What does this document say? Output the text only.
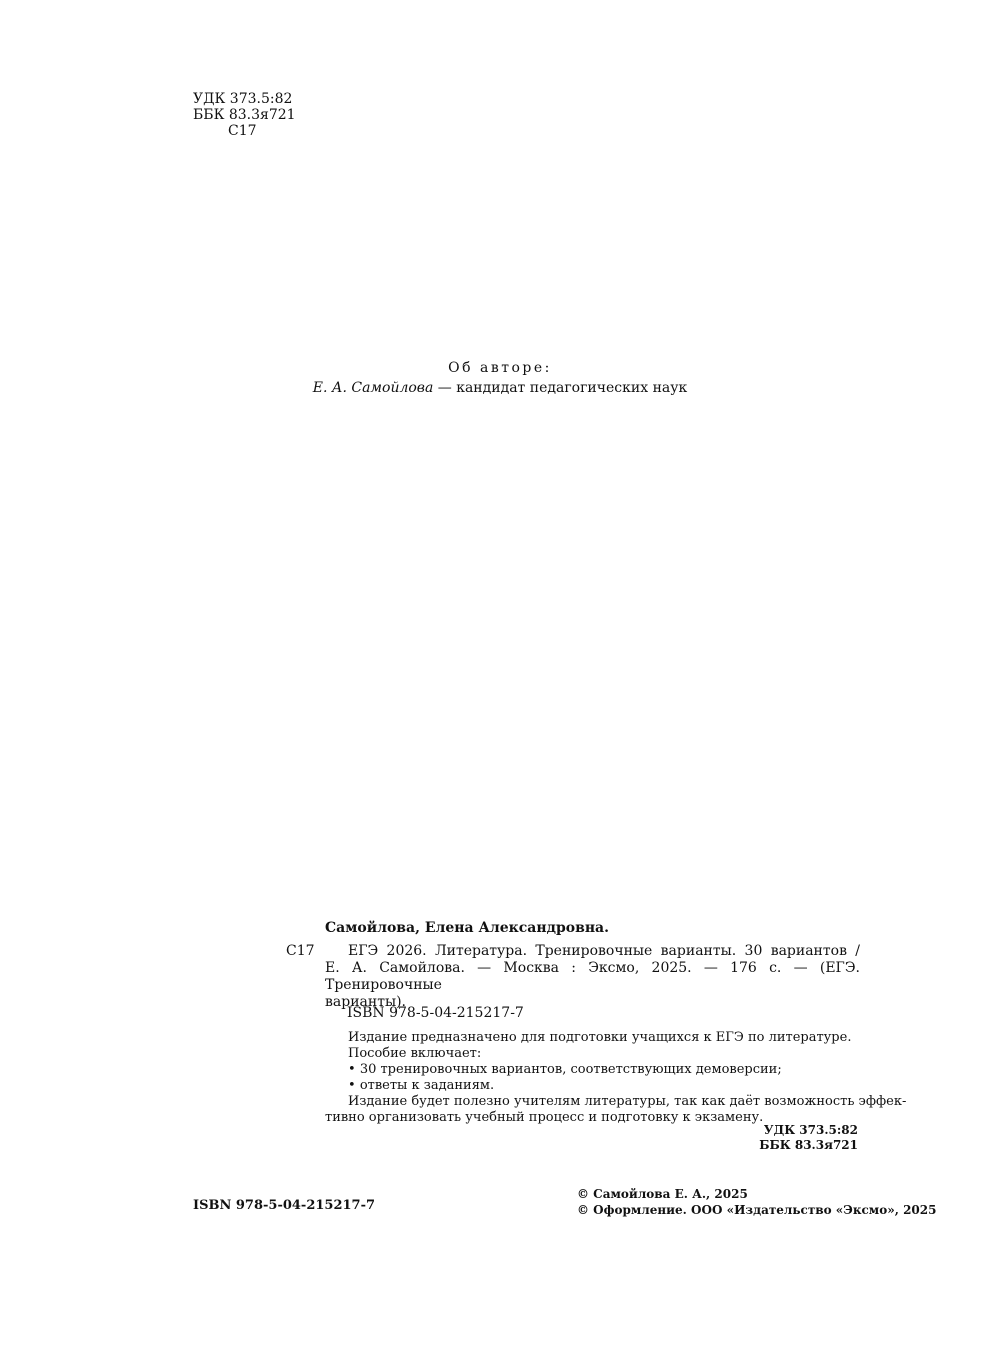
УДК 373.5:82
ББК 83.3я721
С17
Об авторе:
Е. А. Самойлова — кандидат педагогических наук
Самойлова, Елена Александровна.
С17	ЕГЭ 2026. Литература. Тренировочные варианты. 30 вариантов /
Е. А. Самойлова. — Москва : Эксмо, 2025. — 176 с. — (ЕГЭ. Тренировочные
варианты).
ISBN 978-5-04-215217-7
Издание предназначено для подготовки учащихся к ЕГЭ по литературе.
Пособие включает:
• 30 тренировочных вариантов, соответствующих демоверсии;
• ответы к заданиям.
Издание будет полезно учителям литературы, так как даёт возможность эффек-
тивно организовать учебный процесс и подготовку к экзамену.
УДК 373.5:82
ББК 83.3я721
ISBN 978-5-04-215217-7
© Самойлова Е. А., 2025
© Оформление. ООО «Издательство «Эксмо», 2025
